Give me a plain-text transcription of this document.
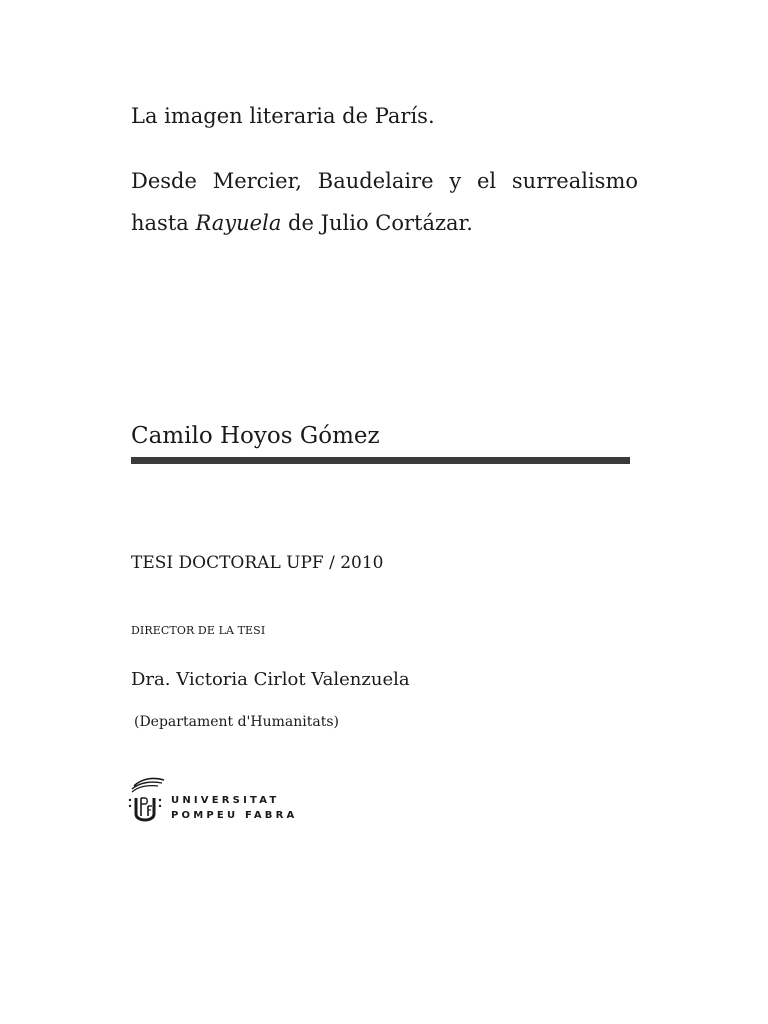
La imagen literaria de París.
Desde Mercier, Baudelaire y el surrealismo hasta Rayuela de Julio Cortázar.
Camilo Hoyos Gómez
TESI DOCTORAL UPF / 2010
DIRECTOR DE LA TESI
Dra. Victoria Cirlot Valenzuela
(Departament d'Humanitats)
UNIVERSITAT
POMPEU FABRA
